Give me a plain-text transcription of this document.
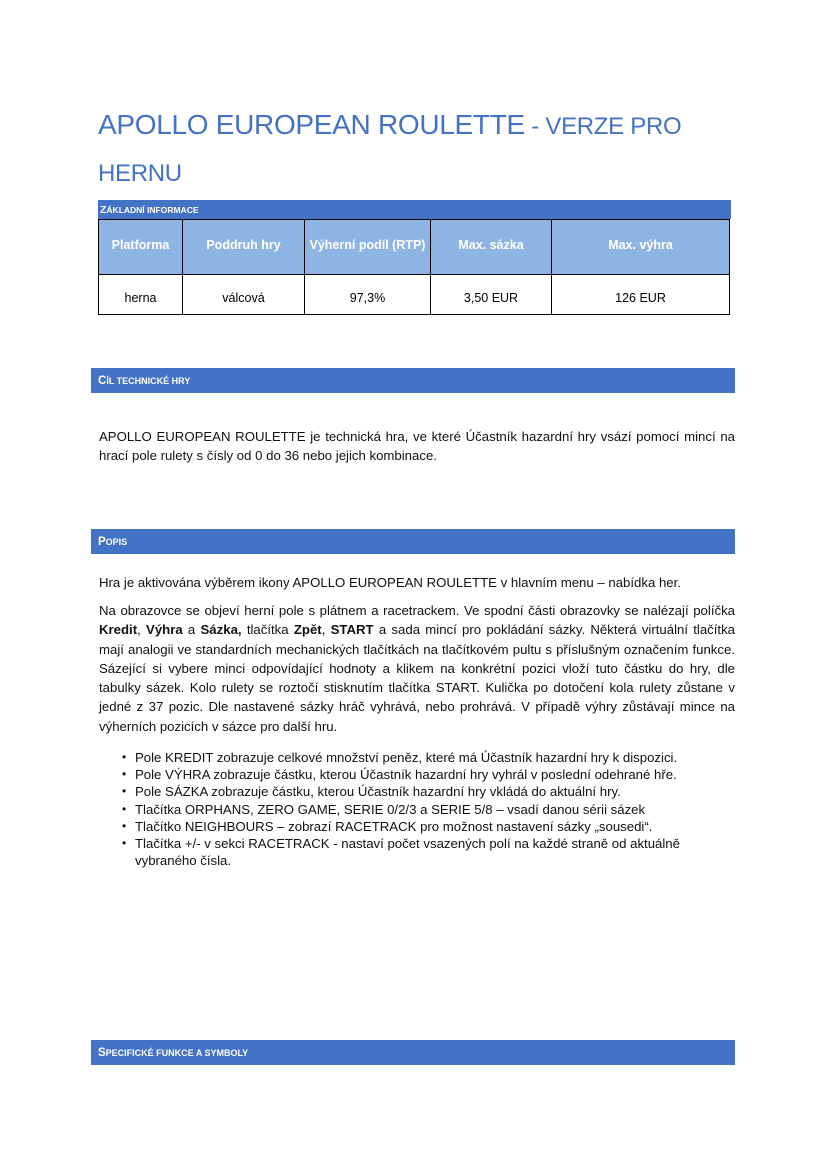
APOLLO EUROPEAN ROULETTE - VERZE PRO
HERNU
ZÁKLADNÍ INFORMACE
Platforma	Poddruh hry	Výherní podíl (RTP)	Max. sázka	Max. výhra
herna	válcová	97,3%	3,50 EUR	126 EUR
CÍL TECHNICKÉ HRY

APOLLO EUROPEAN ROULETTE je technická hra, ve které Účastník hazardní hry vsází pomocí mincí na hrací pole rulety s čísly od 0 do 36 nebo jejich kombinace.

POPIS

Hra je aktivována výběrem ikony APOLLO EUROPEAN ROULETTE v hlavním menu – nabídka her.

Na obrazovce se objeví herní pole s plátnem a racetrackem. Ve spodní části obrazovky se nalézají políčka Kredit, Výhra a Sázka, tlačítka Zpět, START a sada mincí pro pokládání sázky. Některá virtuální tlačítka mají analogii ve standardních mechanických tlačítkách na tlačítkovém pultu s příslušným označením funkce. Sázející si vybere minci odpovídající hodnoty a klikem na konkrétní pozici vloží tuto částku do hry, dle tabulky sázek. Kolo rulety se roztočí stisknutím tlačítka START. Kulička po dotočení kola rulety zůstane v jedné z 37 pozic. Dle nastavené sázky hráč vyhrává, nebo prohrává. V případě výhry zůstávají mince na výherních pozicích v sázce pro další hru.

• Pole KREDIT zobrazuje celkové množství peněz, které má Účastník hazardní hry k dispozici.
• Pole VÝHRA zobrazuje částku, kterou Účastník hazardní hry vyhrál v poslední odehrané hře.
• Pole SÁZKA zobrazuje částku, kterou Účastník hazardní hry vkládá do aktuální hry.
• Tlačítka ORPHANS, ZERO GAME, SERIE 0/2/3 a SERIE 5/8 – vsadí danou sérii sázek
• Tlačítko NEIGHBOURS – zobrazí RACETRACK pro možnost nastavení sázky „sousedi“.
• Tlačítka +/- v sekci RACETRACK - nastaví počet vsazených polí na každé straně od aktuálně vybraného čísla.
SPECIFICKÉ FUNKCE A SYMBOLY
